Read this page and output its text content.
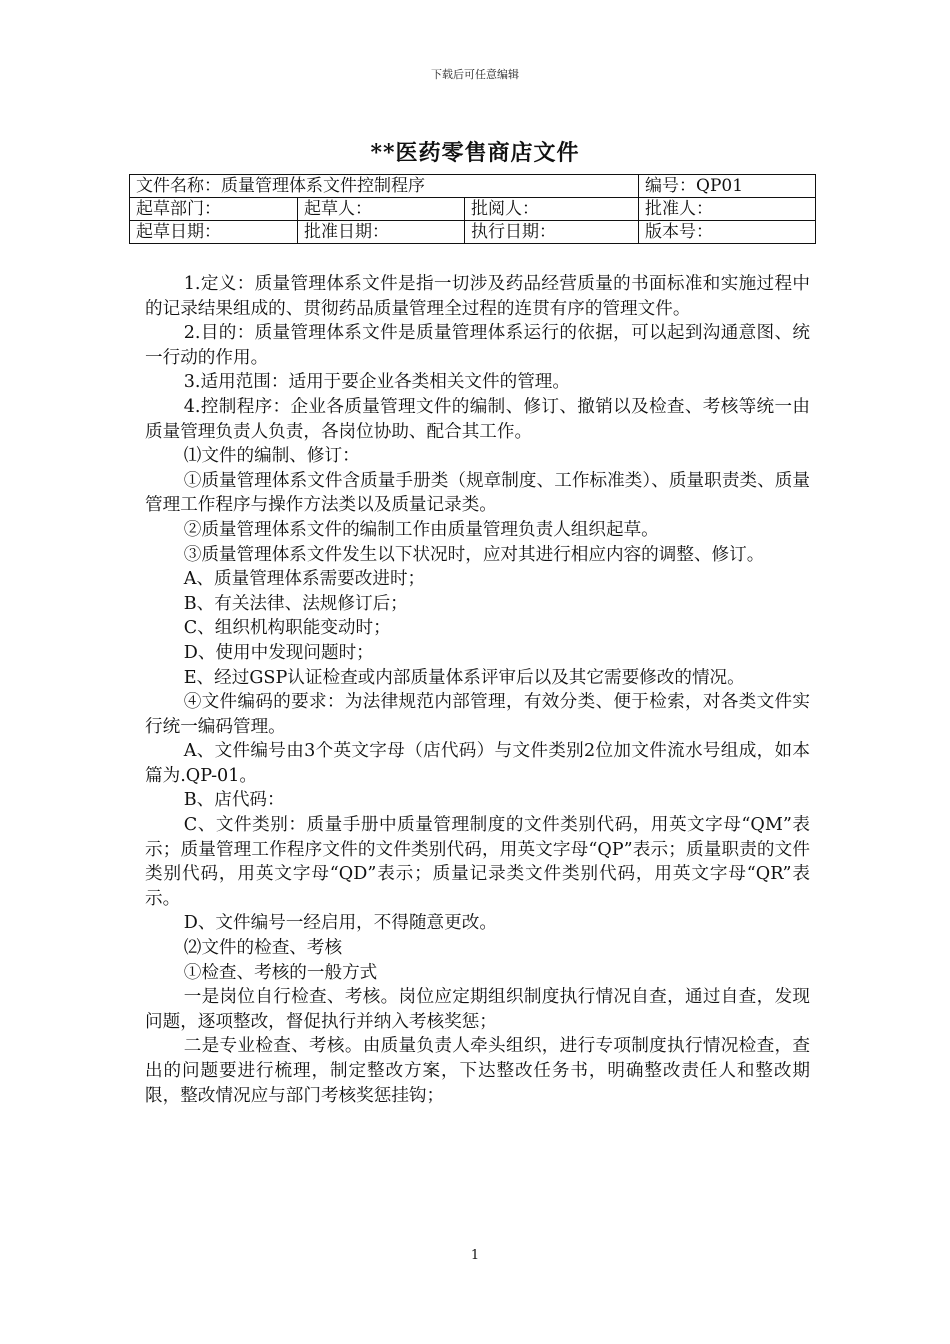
下载后可任意编辑
**医药零售商店文件
文件名称：质量管理体系文件控制程序			编号：QP01
起草部门：	起草人：	批阅人：	批准人：
起草日期：	批准日期：	执行日期：	版本号：

1.定义：质量管理体系文件是指一切涉及药品经营质量的书面标准和实施过程中的记录结果组成的、贯彻药品质量管理全过程的连贯有序的管理文件。

2.目的：质量管理体系文件是质量管理体系运行的依据，可以起到沟通意图、统一行动的作用。

3.适用范围：适用于要企业各类相关文件的管理。

4.控制程序：企业各质量管理文件的编制、修订、撤销以及检查、考核等统一由质量管理负责人负责，各岗位协助、配合其工作。

⑴文件的编制、修订：

①质量管理体系文件含质量手册类（规章制度、工作标准类）、质量职责类、质量管理工作程序与操作方法类以及质量记录类。

②质量管理体系文件的编制工作由质量管理负责人组织起草。

③质量管理体系文件发生以下状况时，应对其进行相应内容的调整、修订。

A、质量管理体系需要改进时；

B、有关法律、法规修订后；

C、组织机构职能变动时；

D、使用中发现问题时；

E、经过GSP认证检查或内部质量体系评审后以及其它需要修改的情况。

④文件编码的要求：为法律规范内部管理，有效分类、便于检索，对各类文件实行统一编码管理。

A、文件编号由3个英文字母（店代码）与文件类别2位加文件流水号组成，如本篇为.QP-01。

B、店代码：

C、文件类别：质量手册中质量管理制度的文件类别代码，用英文字母“QM”表示；质量管理工作程序文件的文件类别代码，用英文字母“QP”表示；质量职责的文件类别代码，用英文字母“QD”表示；质量记录类文件类别代码，用英文字母“QR”表示。

D、文件编号一经启用，不得随意更改。

⑵文件的检查、考核

①检查、考核的一般方式

一是岗位自行检查、考核。岗位应定期组织制度执行情况自查，通过自查，发现问题，逐项整改，督促执行并纳入考核奖惩；

二是专业检查、考核。由质量负责人牵头组织，进行专项制度执行情况检查，查出的问题要进行梳理，制定整改方案，下达整改任务书，明确整改责任人和整改期限，整改情况应与部门考核奖惩挂钩；

1
